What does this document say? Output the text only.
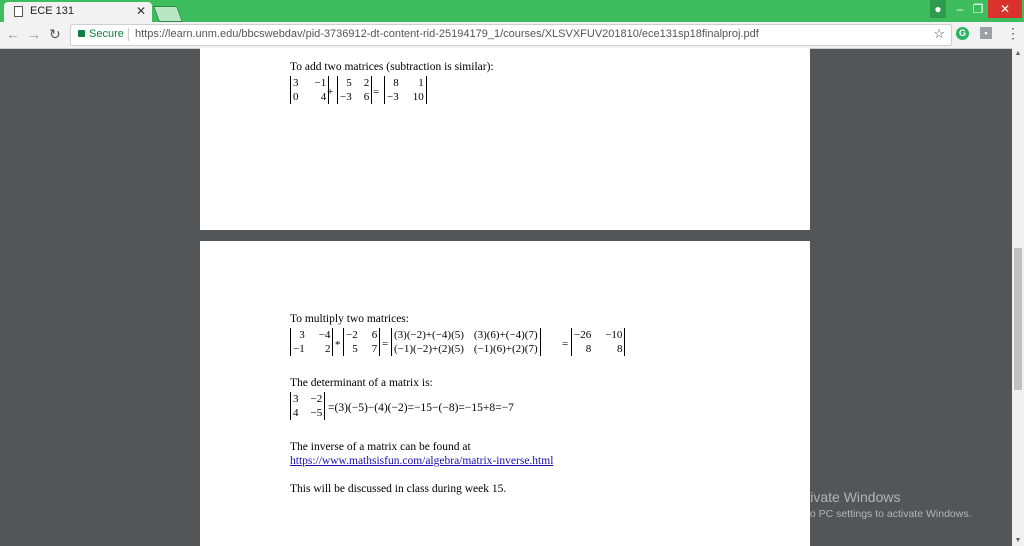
ECE 131	✕	●	– ❐	✕
← → ↻	Secure https://learn.unm.edu/bbcswebdav/pid-3736912-dt-content-rid-25194179_1/courses/XLSVXFUV201810/ece131sp18finalproj.pdf	☆	G	▪	⋮
To add two matrices (subtraction is similar):
3	−1
0	4 +
5	2
−3	6 =
8	1
−3	10
To multiply two matrices:
3	−4
−1	2 *
−2	6
5	7 =
(3)(−2)+(−4)(5)	(3)(6)+(−4)(7)
(−1)(−2)+(2)(5)	(−1)(6)+(2)(7) =
−26	−10
8	8
The determinant of a matrix is:
3	−2
4	−5 =(3)(−5)−(4)(−2)=−15−(−8)=−15+8=−7
The inverse of a matrix can be found at
https://www.mathsisfun.com/algebra/matrix-inverse.html
This will be discussed in class during week 15.
▲
▼
Activate Windows
Go to PC settings to activate Windows.
